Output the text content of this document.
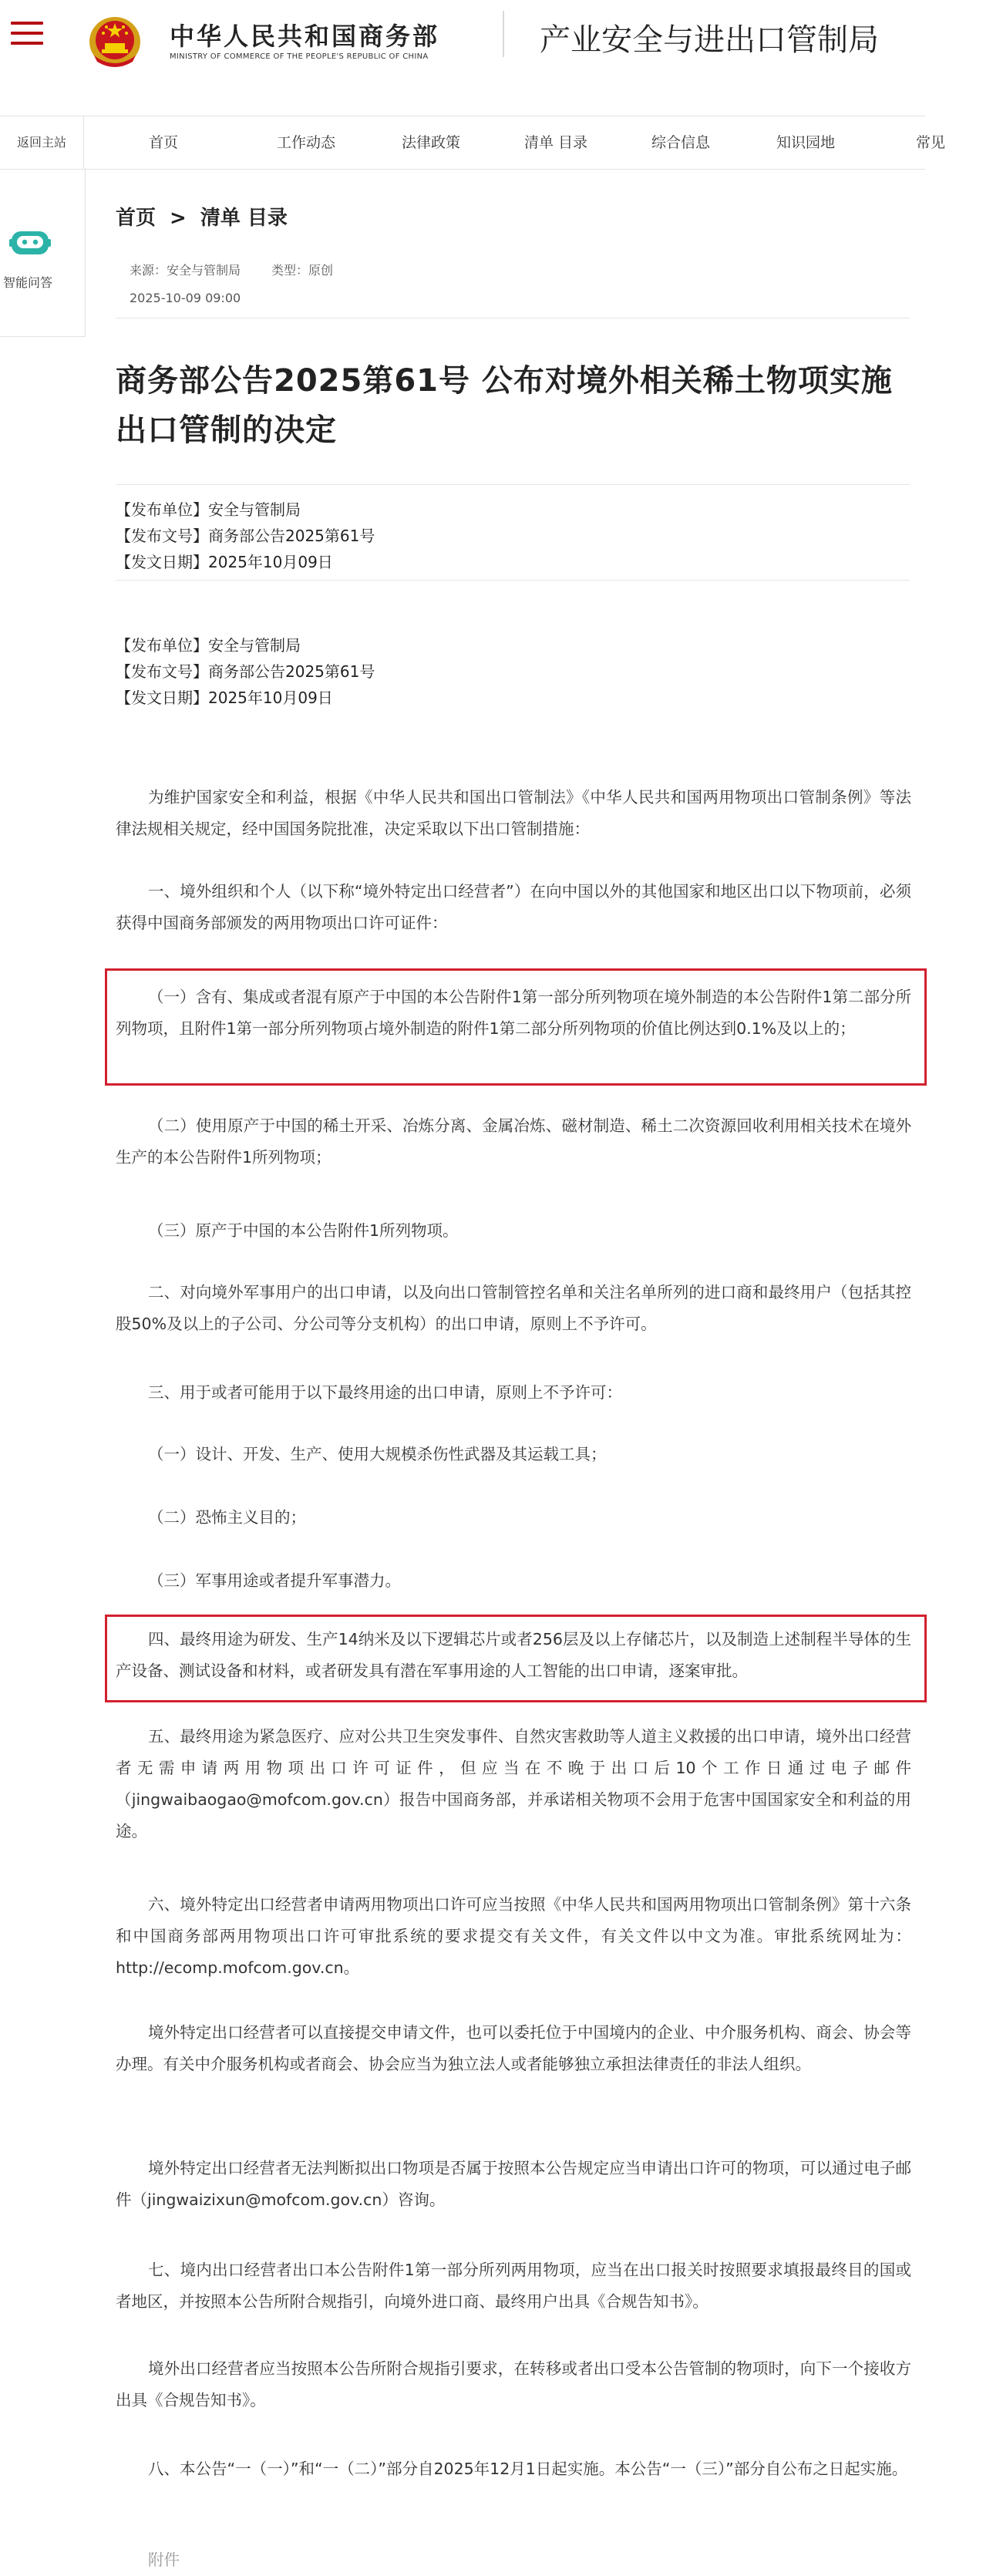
中华人民共和国商务部
MINISTRY OF COMMERCE OF THE PEOPLE'S REPUBLIC OF CHINA	产业安全与进出口管制局
返回主站	首页	工作动态	法律政策	清单 目录	综合信息	知识园地	常见
智能问答
首页 > 清单 目录
来源：安全与管制局	类型：原创
2025-10-09 09:00
商务部公告2025第61号 公布对境外相关稀土物项实施出口管制的决定
【发布单位】安全与管制局
【发布文号】商务部公告2025第61号
【发文日期】2025年10月09日
【发布单位】安全与管制局
【发布文号】商务部公告2025第61号
【发文日期】2025年10月09日
为维护国家安全和利益，根据《中华人民共和国出口管制法》《中华人民共和国两用物项出口管制条例》等法律法规相关规定，经中国国务院批准，决定采取以下出口管制措施：
一、境外组织和个人（以下称“境外特定出口经营者”）在向中国以外的其他国家和地区出口以下物项前，必须获得中国商务部颁发的两用物项出口许可证件：
（一）含有、集成或者混有原产于中国的本公告附件1第一部分所列物项在境外制造的本公告附件1第二部分所列物项，且附件1第一部分所列物项占境外制造的附件1第二部分所列物项的价值比例达到0.1%及以上的；
（二）使用原产于中国的稀土开采、冶炼分离、金属冶炼、磁材制造、稀土二次资源回收利用相关技术在境外生产的本公告附件1所列物项；
（三）原产于中国的本公告附件1所列物项。
二、对向境外军事用户的出口申请，以及向出口管制管控名单和关注名单所列的进口商和最终用户（包括其控股50%及以上的子公司、分公司等分支机构）的出口申请，原则上不予许可。
三、用于或者可能用于以下最终用途的出口申请，原则上不予许可：
（一）设计、开发、生产、使用大规模杀伤性武器及其运载工具；
（二）恐怖主义目的；
（三）军事用途或者提升军事潜力。
四、最终用途为研发、生产14纳米及以下逻辑芯片或者256层及以上存储芯片，以及制造上述制程半导体的生产设备、测试设备和材料，或者研发具有潜在军事用途的人工智能的出口申请，逐案审批。
五、最终用途为紧急医疗、应对公共卫生突发事件、自然灾害救助等人道主义救援的出口申请，境外出口经营者无需申请两用物项出口许可证件，但应当在不晚于出口后10个工作日通过电子邮件（jingwaibaogao@mofcom.gov.cn）报告中国商务部，并承诺相关物项不会用于危害中国国家安全和利益的用途。
六、境外特定出口经营者申请两用物项出口许可应当按照《中华人民共和国两用物项出口管制条例》第十六条和中国商务部两用物项出口许可审批系统的要求提交有关文件，有关文件以中文为准。审批系统网址为：http://ecomp.mofcom.gov.cn。
境外特定出口经营者可以直接提交申请文件，也可以委托位于中国境内的企业、中介服务机构、商会、协会等办理。有关中介服务机构或者商会、协会应当为独立法人或者能够独立承担法律责任的非法人组织。
境外特定出口经营者无法判断拟出口物项是否属于按照本公告规定应当申请出口许可的物项，可以通过电子邮件（jingwaizixun@mofcom.gov.cn）咨询。
七、境内出口经营者出口本公告附件1第一部分所列两用物项，应当在出口报关时按照要求填报最终目的国或者地区，并按照本公告所附合规指引，向境外进口商、最终用户出具《合规告知书》。
境外出口经营者应当按照本公告所附合规指引要求，在转移或者出口受本公告管制的物项时，向下一个接收方出具《合规告知书》。
八、本公告“一（一）”和“一（二）”部分自2025年12月1日起实施。本公告“一（三）”部分自公布之日起实施。
附件
